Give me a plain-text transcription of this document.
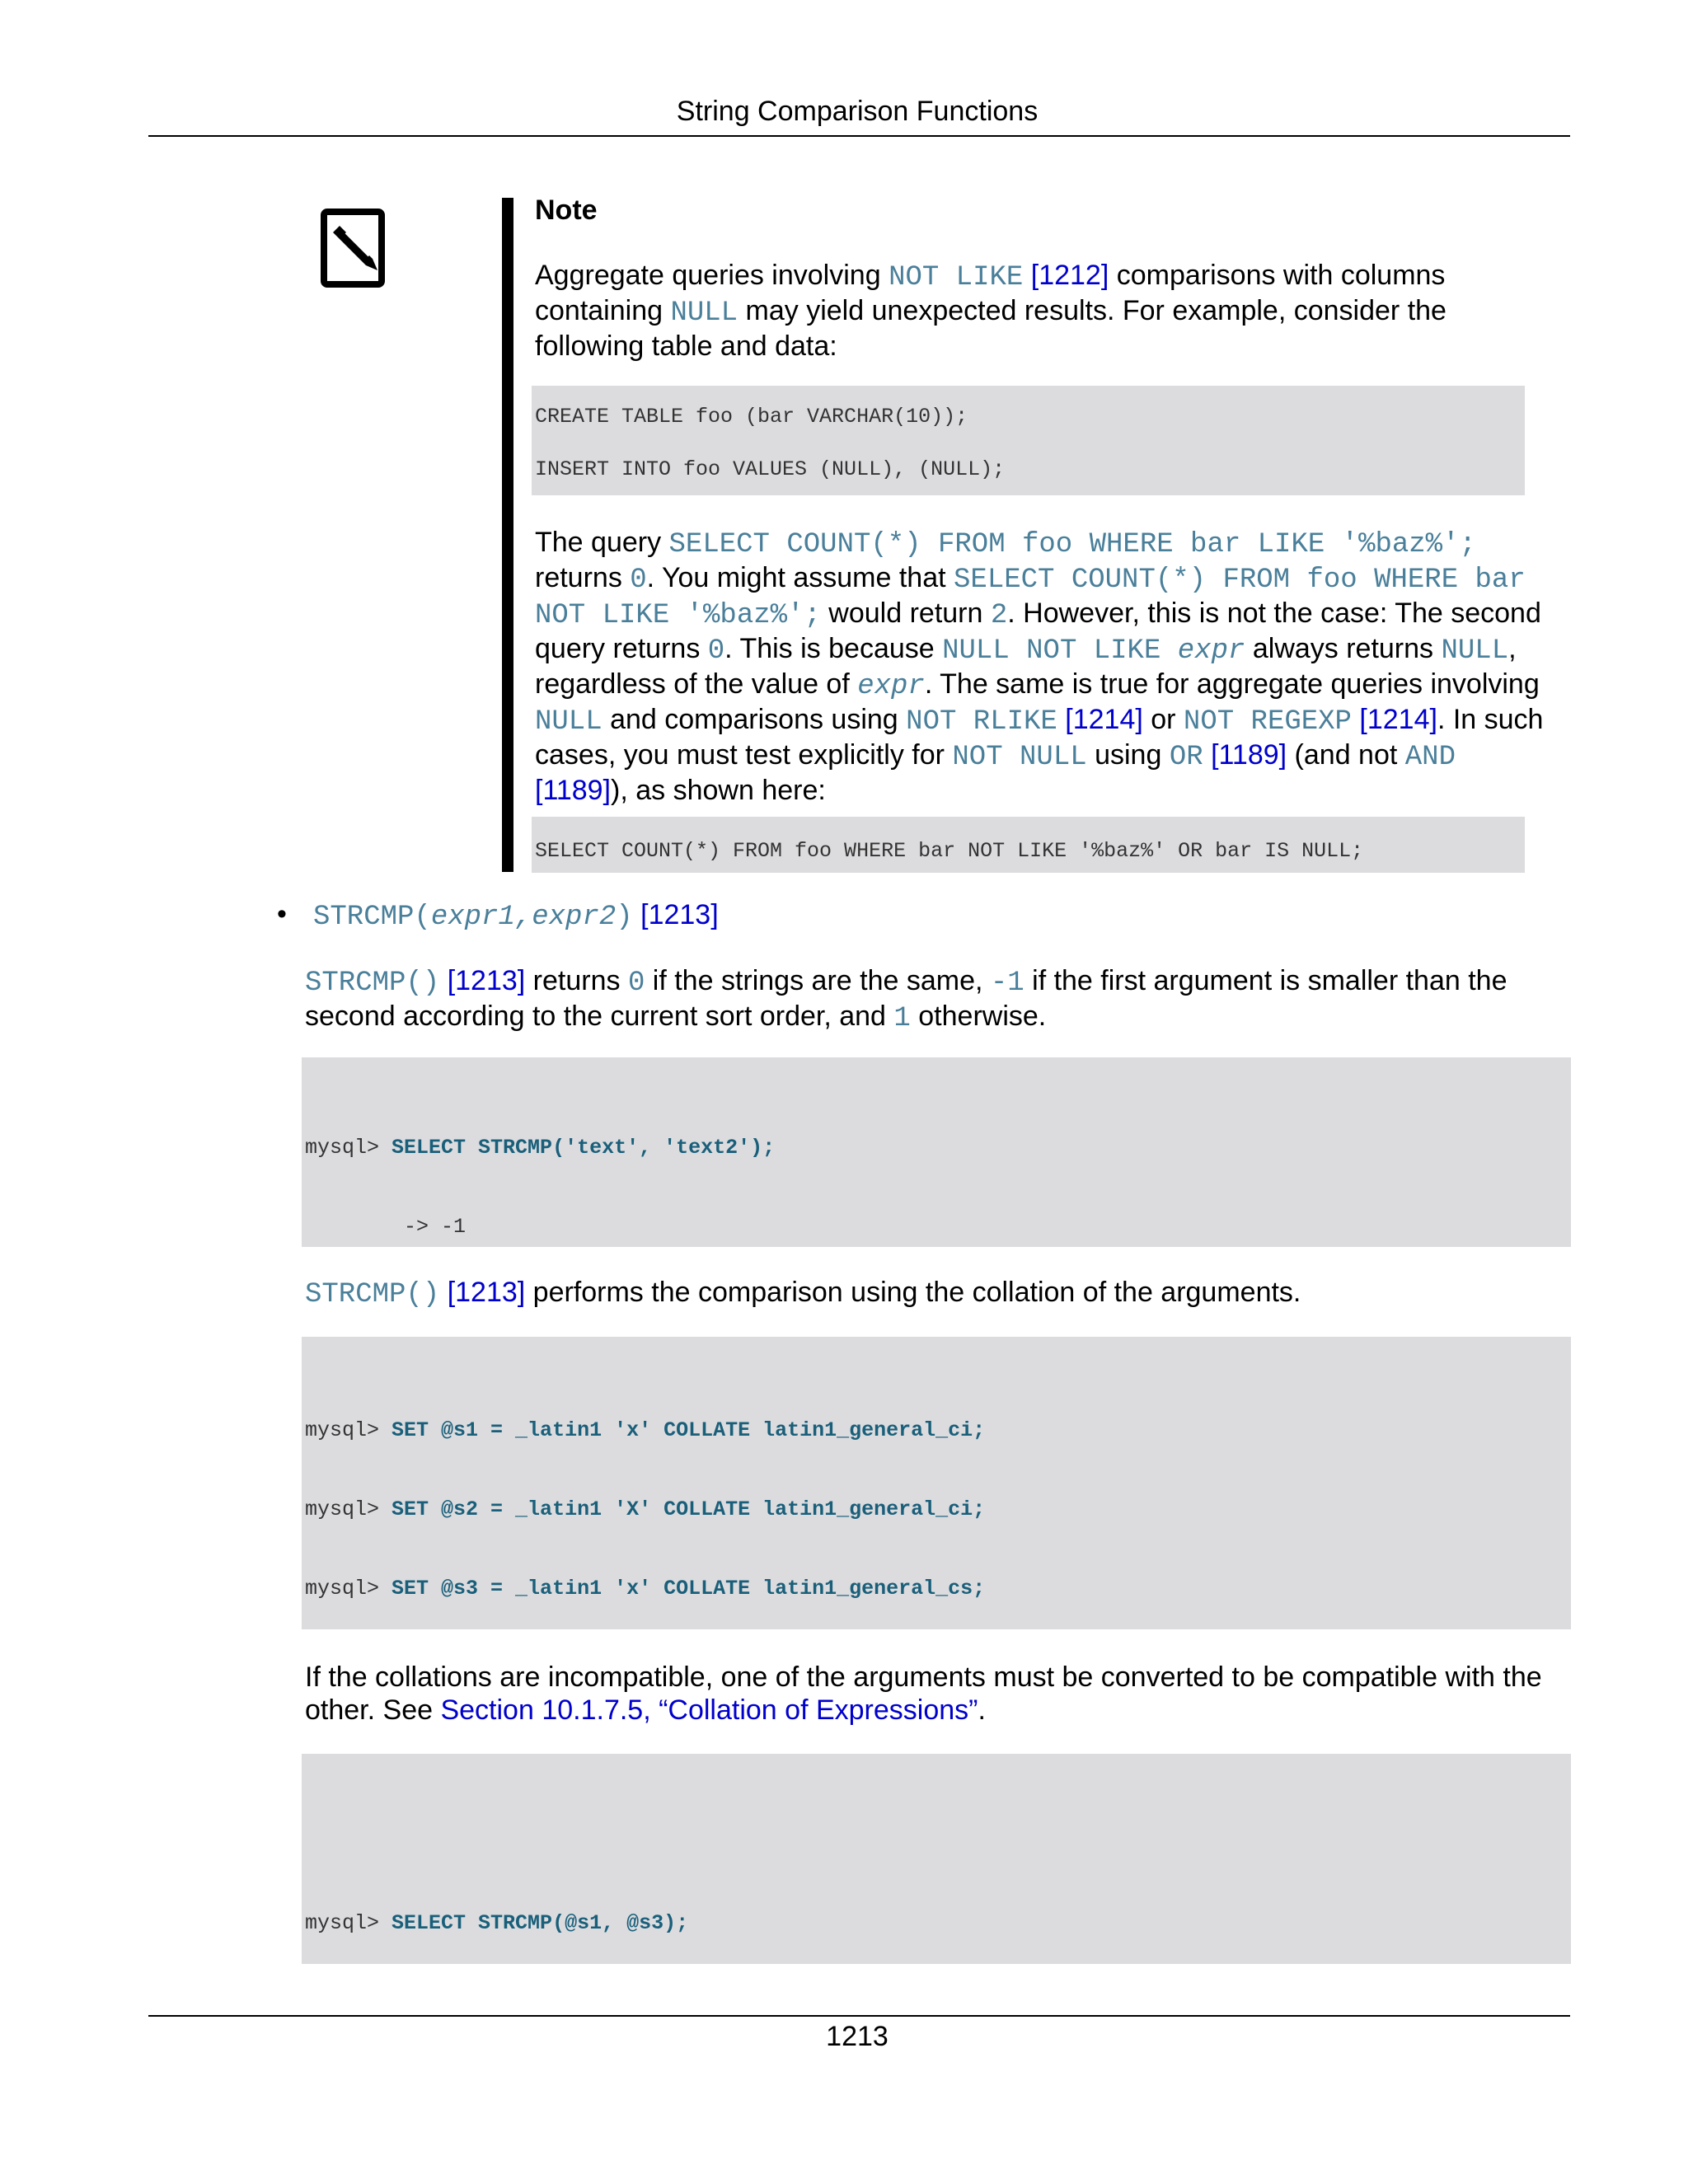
String Comparison Functions
Note
Aggregate queries involving NOT LIKE [1212] comparisons with columns containing NULL may yield unexpected results. For example, consider the following table and data:
CREATE TABLE foo (bar VARCHAR(10));
INSERT INTO foo VALUES (NULL), (NULL);
The query SELECT COUNT(*) FROM foo WHERE bar LIKE '%baz%'; returns 0. You might assume that SELECT COUNT(*) FROM foo WHERE bar NOT LIKE '%baz%'; would return 2. However, this is not the case: The second query returns 0. This is because NULL NOT LIKE expr always returns NULL, regardless of the value of expr. The same is true for aggregate queries involving NULL and comparisons using NOT RLIKE [1214] or NOT REGEXP [1214]. In such cases, you must test explicitly for NOT NULL using OR [1189] (and not AND [1189]), as shown here:
SELECT COUNT(*) FROM foo WHERE bar NOT LIKE '%baz%' OR bar IS NULL;
• STRCMP(expr1,expr2) [1213]
STRCMP() [1213] returns 0 if the strings are the same, -1 if the first argument is smaller than the second according to the current sort order, and 1 otherwise.

mysql> SELECT STRCMP('text', 'text2');

-> -1

STRCMP() [1213] performs the comparison using the collation of the arguments.

mysql> SET @s1 = _latin1 'x' COLLATE latin1_general_ci;

mysql> SET @s2 = _latin1 'X' COLLATE latin1_general_ci;

mysql> SET @s3 = _latin1 'x' COLLATE latin1_general_cs;

If the collations are incompatible, one of the arguments must be converted to be compatible with the other. See Section 10.1.7.5, “Collation of Expressions”.

mysql> SELECT STRCMP(@s1, @s3);

1213
